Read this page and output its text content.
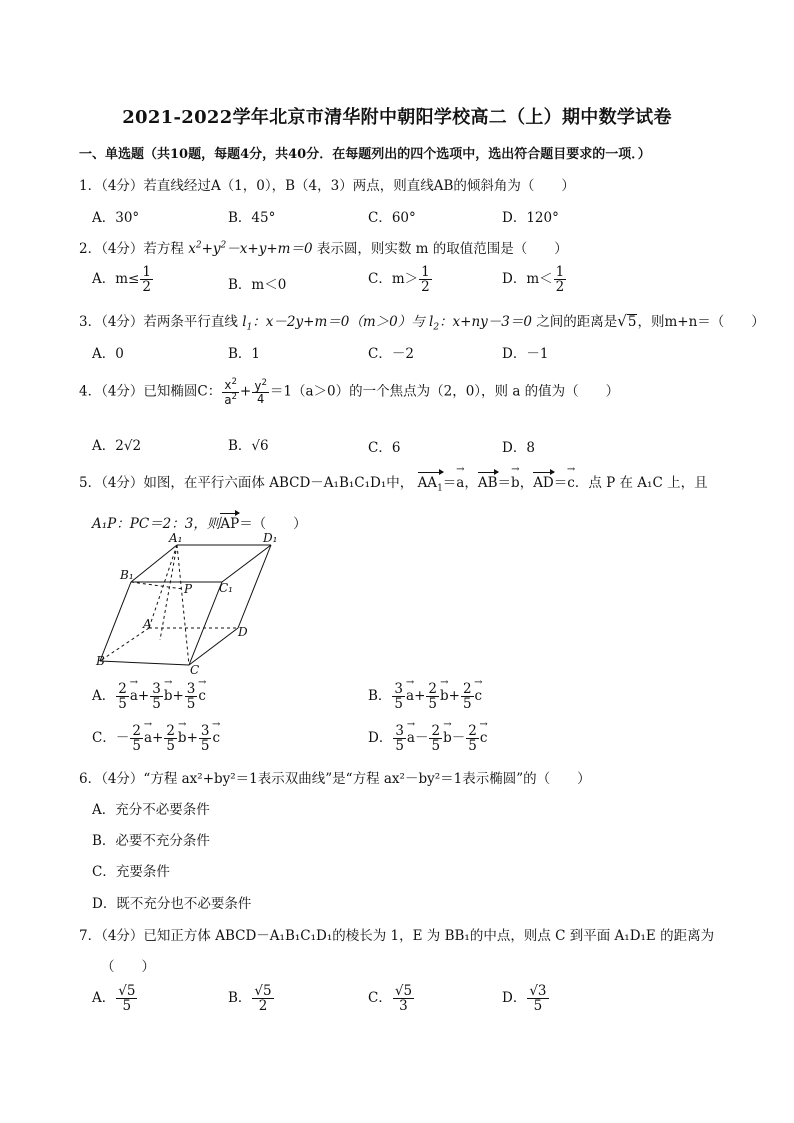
2021-2022学年北京市清华附中朝阳学校高二（上）期中数学试卷
一、单选题（共10题，每题4分，共40分．在每题列出的四个选项中，选出符合题目要求的一项．）
1．（4分）若直线经过A（1，0），B（4，3）两点，则直线AB的倾斜角为（　　）
A．30°	B．45°	C．60°	D．120°
2．（4分）若方程 $x^2+y^2-x+y+m=0$ 表示圆，则实数 m 的取值范围是（　　）
A．$m\le \frac{1}{2}$	B．m＜0	C．$m> \frac{1}{2}$	D．$m< \frac{1}{2}$
3．（4分）若两条平行直线 $l_1$：x－2y+m＝0（m＞0）与 $l_2$：x+ny－3＝0 之间的距离是 √ 5 ，则m+n＝（　　）
A．0	B．1	C．－2	D．－1
4．（4分）已知椭圆C： $\frac{x^2}{a^2} + \frac{y^2}{4} =1(a>0)$的一个焦点为（2，0），则 a 的值为（　　）
A．2√2	B．√6	C．6	D．8
5．（4分）如图，在平行六面体 ABCD－A₁B₁C₁D₁中， $AA_1=\to a$，AB＝→ b，AD＝→ c．点 P 在 A₁C 上，且
A₁P：PC＝2：3，则AP＝（　　）
A₁	D₁
B₁
C₁
P
A
D
B
C
A． $\frac{2}{5}$
→ $a+ \frac{3}{5}$
→ $b+ \frac{3}{5}$
→ c	B． $\frac{3}{5}$
→ $a+ \frac{2}{5}$
→ $b+ \frac{2}{5}$
→ c
C．－ $\frac{2}{5}$
→ $a+ \frac{2}{5}$
→ $b+ \frac{3}{5}$
→ c	D． $\frac{3}{5}$
→ $a- \frac{2}{5}$
→ $b- \frac{2}{5}$
→ c
6．（4分）“方程 ax²+by²＝1表示双曲线”是“方程 ax²－by²＝1表示椭圆”的（　　）
A．充分不必要条件
B．必要不充分条件
C．充要条件
D．既不充分也不必要条件
7．（4分）已知正方体 ABCD－A₁B₁C₁D₁的棱长为 1，E 为 BB₁的中点，则点 C 到平面 A₁D₁E 的距离为
（　　）
A． $\frac{√5}{5}$	B． $\frac{√5}{2}$	C． $\frac{√5}{3}$	D． $\frac{√3}{5}$
